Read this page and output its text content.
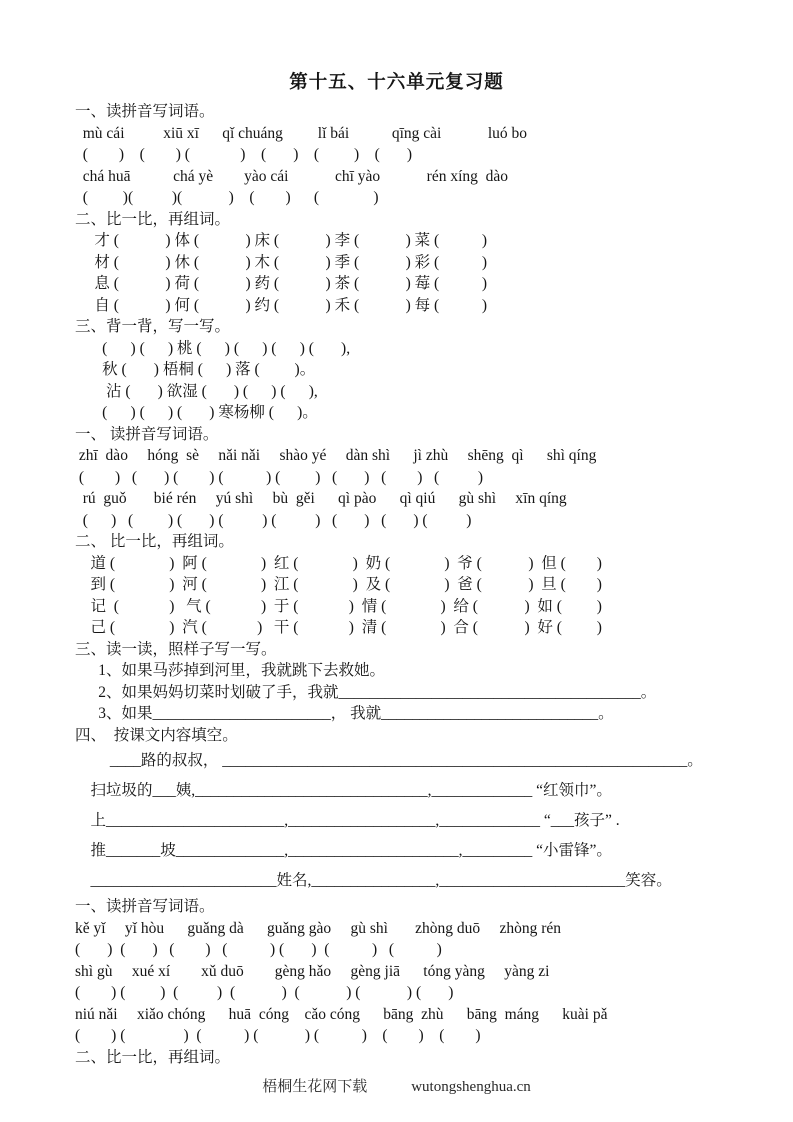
第十五、十六单元复习题
一、读拼音写词语。
mù cái          xiū xī      qǐ chuáng         lǐ bái           qīng cài            luó bo
(        )    (        ) (             )    (       )    (         )    (       )
chá huā           chá yè        yào cái            chī yào            rén xíng  dào
(         )(          )(            )    (        )      (              )
二、比一比，再组词。
才 (            ) 体 (            ) 床 (            ) 李 (            ) 菜 (           )
材 (            ) 休 (            ) 木 (            ) 季 (            ) 彩 (           )
息 (            ) 荷 (            ) 药 (            ) 茶 (            ) 莓 (           )
自 (            ) 何 (            ) 约 (            ) 禾 (            ) 每 (           )
三、背一背，写一写。
(      ) (      ) 桃 (      ) (      ) (      ) (       ),
秋 (       ) 梧桐 (      ) 落 (         )。
沾 (       ) 欲湿 (       ) (      ) (      ),
(      ) (      ) (       ) 寒杨柳 (      )。
一、 读拼音写词语。
zhī  dào     hóng  sè     nǎi nǎi     shào yé     dàn shì      jì zhù     shēng  qì      shì qíng
(        )   (       ) (        ) (           ) (         )   (       )   (        )   (          )
rú  guǒ       bié rén     yú shì     bù  gěi      qì pào      qì qiú      gù shì     xīn qíng
(      )   (         ) (       ) (          ) (          )   (       )   (       ) (          )
二、 比一比，再组词。
道 (              )  阿 (              )  红 (              )  奶 (              )  爷 (            )  但 (        )
到 (              )  河 (              )  江 (              )  及 (              )  爸 (            )  旦 (        )
记  (             )   气 (             )  于 (             )  情 (              )  给 (            )  如 (         )
己 (              )  汽 (             )   干 (             )  清 (              )  合 (            )  好 (         )
三、读一读，照样子写一写。
1、如果马莎掉到河里，我就跳下去救她。
2、如果妈妈切菜时划破了手，我就_______________________________________。
3、如果_______________________， 我就____________________________。
四、　按课文内容填空。
____路的叔叔， ____________________________________________________________。
扫垃圾的___姨,______________________________,_____________ “红领巾”。
上_______________________,___________________,_____________ “___孩子” .
推_______坡______________,______________________,_________ “小雷锋”。
________________________姓名,________________,________________________笑容。
一、读拼音写词语。
kě yǐ     yǐ hòu      guǎng dà      guǎng gào     gù shì       zhòng duō     zhòng rén
(       )  (       )   (        )   (           ) (       )  (           )   (           )
shì gù     xué xí        xǔ duō        gèng hǎo     gèng jiā      tóng yàng     yàng zi
(        ) (         )  (          )  (            )  (            ) (            ) (       )
niú nǎi     xiǎo chóng      huā  cóng    cǎo cóng      bāng  zhù      bāng  máng      kuài pǎ
(        ) (               )  (           ) (            ) (           )    (        )    (        )
二、比一比，再组词。
梧桐生花网下载	wutongshenghua.cn
